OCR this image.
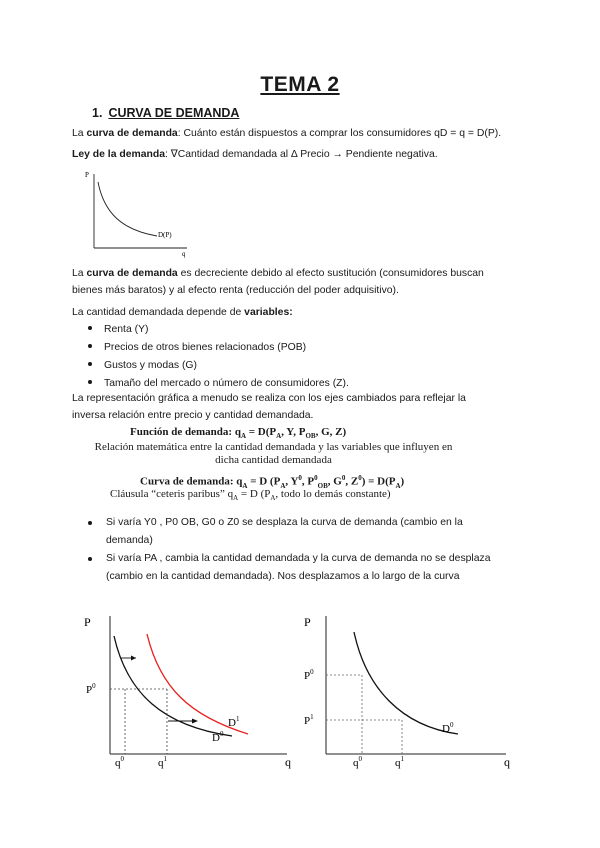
TEMA 2
1. CURVA DE DEMANDA
La curva de demanda: Cuánto están dispuestos a comprar los consumidores qD = q = D(P).
Ley de la demanda: ∇Cantidad demandada al Δ Precio → Pendiente negativa.
P
q
D(P)
La curva de demanda es decreciente debido al efecto sustitución (consumidores buscan
bienes más baratos) y al efecto renta (reducción del poder adquisitivo).
La cantidad demandada depende de variables:
Renta (Y)
Precios de otros bienes relacionados (POB)
Gustos y modas (G)
Tamaño del mercado o número de consumidores (Z).
La representación gráfica a menudo se realiza con los ejes cambiados para reflejar la
inversa relación entre precio y cantidad demandada.
Función de demanda: $q_A = D(P_A$, Y, $P_{OB}$, G, Z)
Relación matemática entre la cantidad demandada y las variables que influyen en
dicha cantidad demandada
Curva de demanda: $q_A = D$ ($P_A$, $Y^0$, $P^0_{OB}$, $G^0$, $Z^0) = D(P_A)$
Cláusula “ceteris paribus” $q_A = D$ ($P_A$, todo lo demás constante)
Si varía Y0 , P0 OB, G0 o Z0 se desplaza la curva de demanda (cambio en la
demanda)
Si varía PA , cambia la cantidad demandada y la curva de demanda no se desplaza
(cambio en la cantidad demandada). Nos desplazamos a lo largo de la curva
P
q
$P^0$
$q^0$	$q^1$
$D^0$
$D^1$
P
q
$P^0$
$P^1$
$q^0$	$q^1$
$D^0$
